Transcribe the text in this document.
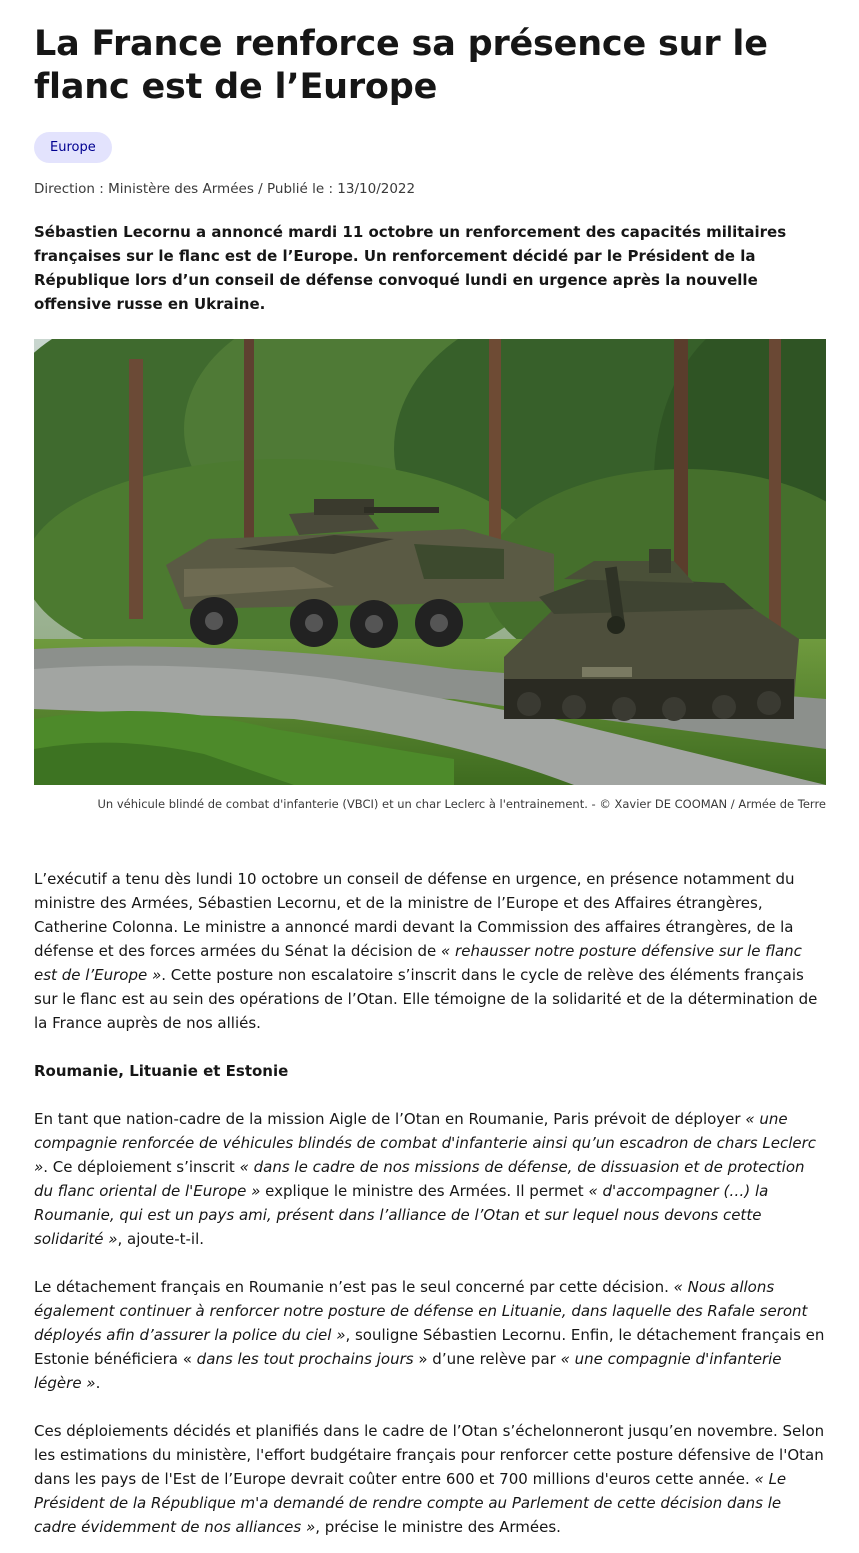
La France renforce sa présence sur le flanc est de l’Europe
Europe
Direction : Ministère des Armées / Publié le : 13/10/2022
Sébastien Lecornu a annoncé mardi 11 octobre un renforcement des capacités militaires françaises sur le flanc est de l’Europe. Un renforcement décidé par le Président de la République lors d’un conseil de défense convoqué lundi en urgence après la nouvelle offensive russe en Ukraine.
Un véhicule blindé de combat d'infanterie (VBCI) et un char Leclerc à l'entrainement. - © Xavier DE COOMAN / Armée de Terre

L’exécutif a tenu dès lundi 10 octobre un conseil de défense en urgence, en présence notamment du ministre des Armées, Sébastien Lecornu, et de la ministre de l’Europe et des Affaires étrangères, Catherine Colonna. Le ministre a annoncé mardi devant la Commission des affaires étrangères, de la défense et des forces armées du Sénat la décision de « rehausser notre posture défensive sur le flanc est de l’Europe ». Cette posture non escalatoire s’inscrit dans le cycle de relève des éléments français sur le flanc est au sein des opérations de l’Otan. Elle témoigne de la solidarité et de la détermination de la France auprès de nos alliés.

Roumanie, Lituanie et Estonie

En tant que nation-cadre de la mission Aigle de l’Otan en Roumanie, Paris prévoit de déployer « une compagnie renforcée de véhicules blindés de combat d'infanterie ainsi qu’un escadron de chars Leclerc ». Ce déploiement s’inscrit « dans le cadre de nos missions de défense, de dissuasion et de protection du flanc oriental de l'Europe » explique le ministre des Armées. Il permet « d'accompagner (…) la Roumanie, qui est un pays ami, présent dans l’alliance de l’Otan et sur lequel nous devons cette solidarité », ajoute-t-il.

Le détachement français en Roumanie n’est pas le seul concerné par cette décision. « Nous allons également continuer à renforcer notre posture de défense en Lituanie, dans laquelle des Rafale seront déployés afin d’assurer la police du ciel », souligne Sébastien Lecornu. Enfin, le détachement français en Estonie bénéficiera « dans les tout prochains jours » d’une relève par « une compagnie d'infanterie légère ».

Ces déploiements décidés et planifiés dans le cadre de l’Otan s’échelonneront jusqu’en novembre. Selon les estimations du ministère, l'effort budgétaire français pour renforcer cette posture défensive de l'Otan dans les pays de l'Est de l’Europe devrait coûter entre 600 et 700 millions d'euros cette année. « Le Président de la République m'a demandé de rendre compte au Parlement de cette décision dans le cadre évidemment de nos alliances », précise le ministre des Armées.
